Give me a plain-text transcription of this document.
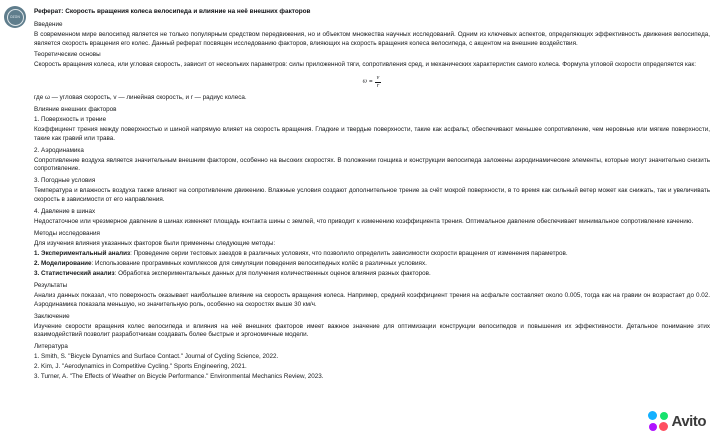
OZON
Реферат: Скорость вращения колеса велосипеда и влияние на неё внешних факторов
Введение

В современном мире велосипед является не только популярным средством передвижения, но и объектом множества научных исследований. Одним из ключевых аспектов, определяющих эффективность движения велосипеда, является скорость вращения его колес. Данный реферат посвящен исследованию факторов, влияющих на скорость вращения колеса велосипеда, с акцентом на внешние воздействия.

Теоретические основы

Скорость вращения колеса, или угловая скорость, зависит от нескольких параметров: силы приложенной тяги, сопротивления сред, и механических характеристик самого колеса. Формула угловой скорости определяется как:

$\omega = \frac{v}{r}$

где ω — угловая скорость, v — линейная скорость, и r — радиус колеса.

Влияние внешних факторов
1. Поверхность и трение

Коэффициент трения между поверхностью и шиной напрямую влияет на скорость вращения. Гладкие и твердые поверхности, такие как асфальт, обеспечивают меньшее сопротивление, чем неровные или мягкие поверхности, такие как гравий или трава.

2. Аэродинамика

Сопротивление воздуха является значительным внешним фактором, особенно на высоких скоростях. В положении гонщика и конструкции велосипеда заложены аэродинамические элементы, которые могут значительно снизить сопротивление.

3. Погодные условия

Температура и влажность воздуха также влияют на сопротивление движению. Влажные условия создают дополнительное трение за счёт мокрой поверхности, в то время как сильный ветер может как снижать, так и увеличивать скорость в зависимости от его направления.

4. Давление в шинах

Недостаточное или чрезмерное давление в шинах изменяет площадь контакта шины с землей, что приводит к изменению коэффициента трения. Оптимальное давление обеспечивает минимальное сопротивление качению.

Методы исследования

Для изучения влияния указанных факторов были применены следующие методы:

1. Экспериментальный анализ: Проведение серии тестовых заездов в различных условиях, что позволило определить зависимости скорости вращения от изменения параметров.

2. Моделирование: Использование программных комплексов для симуляции поведения велосипедных колёс в различных условиях.

3. Статистический анализ: Обработка экспериментальных данных для получения количественных оценок влияния разных факторов.

Результаты

Анализ данных показал, что поверхность оказывает наибольшее влияние на скорость вращения колеса. Например, средний коэффициент трения на асфальте составляет около 0.005, тогда как на гравии он возрастает до 0.02. Аэродинамика показала меньшую, но значительную роль, особенно на скоростях выше 30 км/ч.

Заключение

Изучение скорости вращения колес велосипеда и влияния на неё внешних факторов имеет важное значение для оптимизации конструкции велосипедов и повышения их эффективности. Детальное понимание этих взаимодействий позволит разработчикам создавать более быстрые и эргономичные модели.

Литература
1. Smith, S. "Bicycle Dynamics and Surface Contact." Journal of Cycling Science, 2022.
2. Kim, J. "Aerodynamics in Competitive Cycling." Sports Engineering, 2021.
3. Turner, A. "The Effects of Weather on Bicycle Performance." Environmental Mechanics Review, 2023.
Avito
